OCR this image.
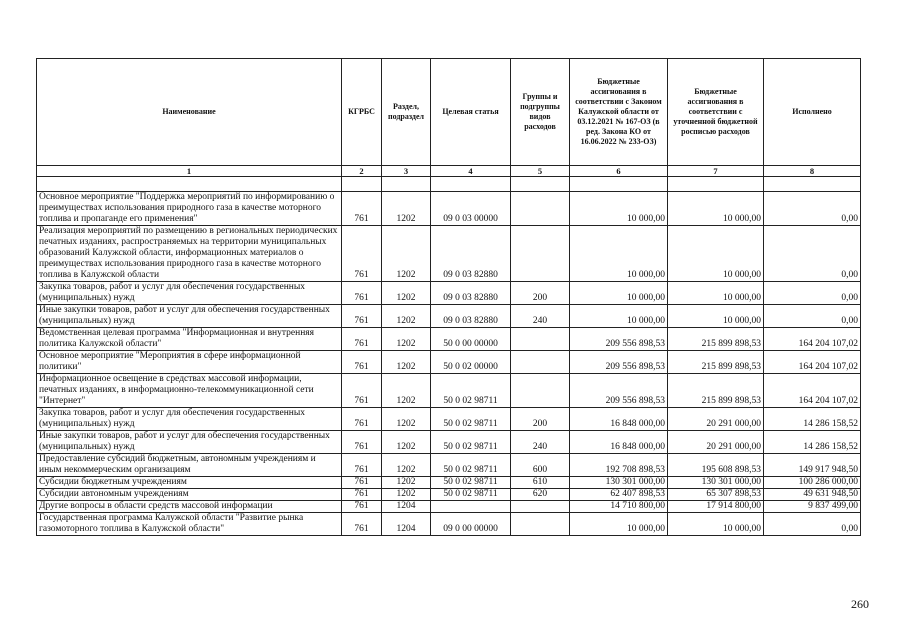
Наименование	КГРБС	Раздел, подраздел	Целевая статья	Группы и подгруппы видов расходов	Бюджетные ассигнования в соответствии с Законом Калужской области от 03.12.2021 № 167-ОЗ (в ред. Закона КО от 16.06.2022 № 233-ОЗ)	Бюджетные ассигнования в соответствии с уточненной бюджетной росписью расходов	Исполнено
1	2	3	4	5	6	7	8

Основное мероприятие "Поддержка мероприятий по информированию о преимуществах использования природного газа в качестве моторного топлива и пропаганде его применения"	761	1202	09 0 03 00000		10 000,00	10 000,00	0,00
Реализация мероприятий по размещению в региональных периодических печатных изданиях, распространяемых на территории муниципальных образований Калужской области, информационных материалов о преимуществах использования природного газа в качестве моторного топлива в Калужской области	761	1202	09 0 03 82880		10 000,00	10 000,00	0,00
Закупка товаров, работ и услуг для обеспечения государственных (муниципальных) нужд	761	1202	09 0 03 82880	200	10 000,00	10 000,00	0,00
Иные закупки товаров, работ и услуг для обеспечения государственных (муниципальных) нужд	761	1202	09 0 03 82880	240	10 000,00	10 000,00	0,00
Ведомственная целевая программа "Информационная и внутренняя политика Калужской области"	761	1202	50 0 00 00000		209 556 898,53	215 899 898,53	164 204 107,02
Основное мероприятие "Мероприятия в сфере информационной политики"	761	1202	50 0 02 00000		209 556 898,53	215 899 898,53	164 204 107,02
Информационное освещение в средствах массовой информации, печатных изданиях, в информационно-телекоммуникационной сети "Интернет"	761	1202	50 0 02 98711		209 556 898,53	215 899 898,53	164 204 107,02
Закупка товаров, работ и услуг для обеспечения государственных (муниципальных) нужд	761	1202	50 0 02 98711	200	16 848 000,00	20 291 000,00	14 286 158,52
Иные закупки товаров, работ и услуг для обеспечения государственных (муниципальных) нужд	761	1202	50 0 02 98711	240	16 848 000,00	20 291 000,00	14 286 158,52
Предоставление субсидий бюджетным, автономным учреждениям и иным некоммерческим организациям	761	1202	50 0 02 98711	600	192 708 898,53	195 608 898,53	149 917 948,50
Субсидии бюджетным учреждениям	761	1202	50 0 02 98711	610	130 301 000,00	130 301 000,00	100 286 000,00
Субсидии автономным учреждениям	761	1202	50 0 02 98711	620	62 407 898,53	65 307 898,53	49 631 948,50
Другие вопросы в области средств массовой информации	761	1204			14 710 800,00	17 914 800,00	9 837 499,00
Государственная программа Калужской области "Развитие рынка газомоторного топлива в Калужской области"	761	1204	09 0 00 00000		10 000,00	10 000,00	0,00
260
